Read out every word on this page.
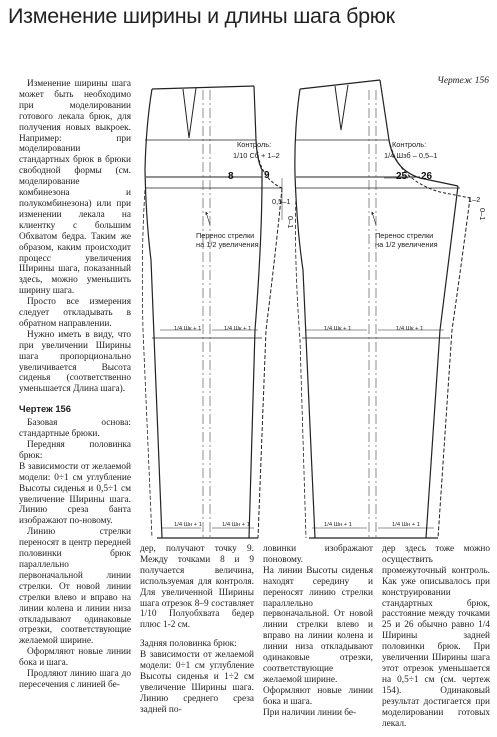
Изменение ширины и длины шага брюк

Изменение ширины шага может быть необходимо при моделировании готового лекала брюк, для получения новых выкроек. Например: при моделировании стандартных брюк в брюки свободной формы (см. моделирование комбинезона и полукомбинезона) или при изменении лекала на клиентку с большим Обхватом бедра. Таким же образом, каким происходит процесс увеличения Ширины шага, показанный здесь, можно уменьшить ширину шага.

Просто все измерения следует откладывать в обратном направлении.

Нужно иметь в виду, что при увеличении Ширины шага пропорционально увеличивается Высота сиденья (соответственно уменьшается Длина шага).

Чертеж 156

Базовая основа: стандартные брюки.

Передняя половинка брюк:

В зависимости от желаемой модели: 0÷1 см углубление Высоты сиденья и 0,5÷1 см увеличение Ширины шага. Линию среза банта изображают по-новому.

Линию стрелки переносят в центр передней половинки брюк параллельно первоначальной линии стрелки. От новой линии стрелки влево и вправо на линии колена и линии низа откладывают одинаковые отрезки, соответствующие желаемой ширине.

Оформляют новые линии бока и шага.

Продляют линию шага до пересечения с линией бе-

дер, получают точку 9. Между точками 8 и 9 получается величина, используемая для контроля. Для увеличенной Ширины шага отрезок 8–9 составляет 1/10 Полуобхвата бедер плюс 1-2 см.

Задняя половинка брюк:

В зависимости от желаемой модели: 0÷1 см углубление Высоты сиденья и 1÷2 см увеличение Ширины шага. Линию среднего среза задней по-

ловинки изображают поновому.

На линии Высоты сиденья находят середину и переносят линию стрелки параллельно первоначальной. От новой линии стрелки влево и вправо на линии колена и линии низа откладывают одинаковые отрезки, соответствующие желаемой ширине.

Оформляют новые линии бока и шага.

При наличии линии бе-

дер здесь тоже можно осуществить промежуточный контроль. Как уже описывалось при конструировании стандартных брюк, расстояние между точками 25 и 26 обычно равно 1/4 Ширины задней половинки брюк. При увеличении Ширины шага этот отрезок уменьшается на 0,5÷1 см (см. чертеж 154). Одинаковый результат достигается при моделировании готовых лекал.

Чертеж 156
Контроль:
1/10 Сб + 1–2
8	9
0,5–1
0–1
Перенос стрелки
на 1/2 увеличения
1/4 Шк + 1	1/4 Шк + 1
1/4 Шн + 1	1/4 Шн + 1
Контроль:
1/4 Шзб – 0,5–1
25 26
1–2
0–1
Перенос стрелки
на 1/2 увеличения
1/4 Шк + 1	1/4 Шк + 1
1/4 Шн + 1	1/4 Шн + 1
